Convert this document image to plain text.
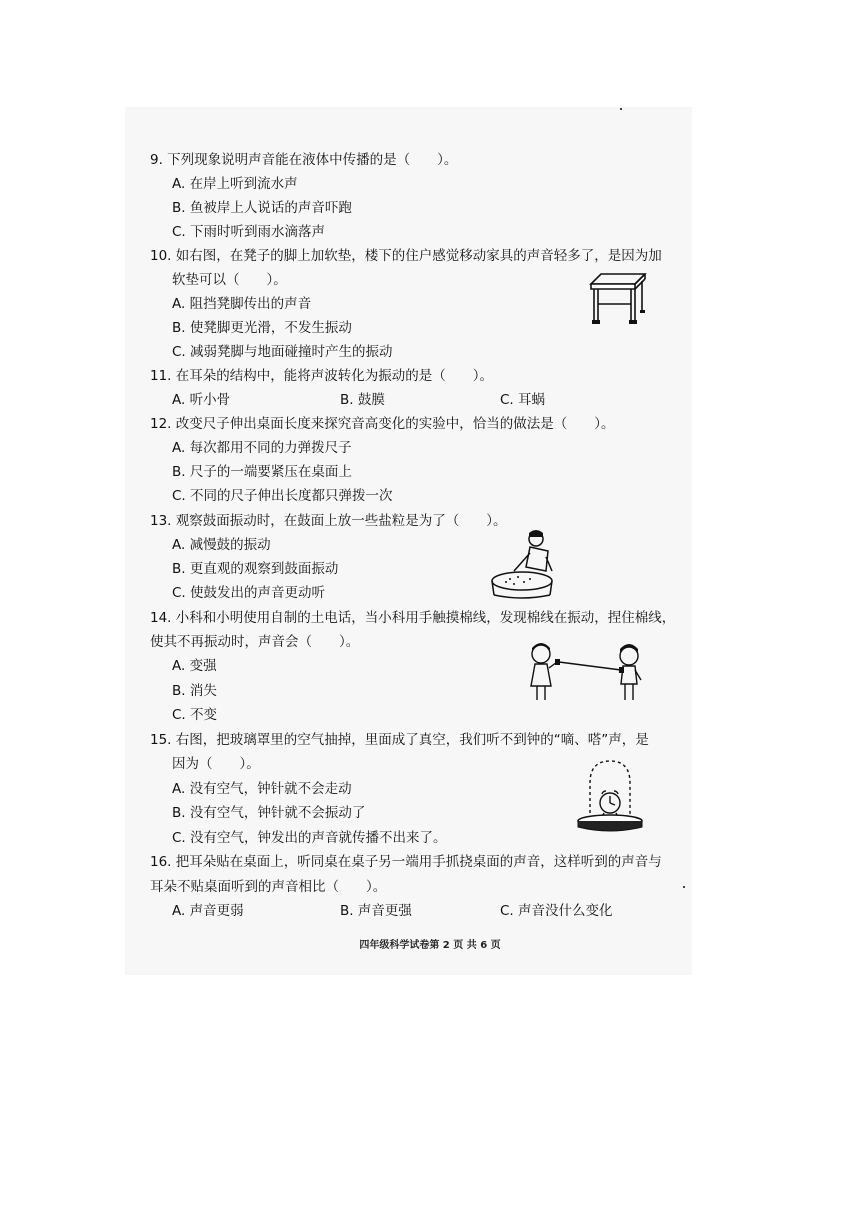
9. 下列现象说明声音能在液体中传播的是（　　）。
A. 在岸上听到流水声
B. 鱼被岸上人说话的声音吓跑
C. 下雨时听到雨水滴落声
10. 如右图，在凳子的脚上加软垫，楼下的住户感觉移动家具的声音轻多了，是因为加
软垫可以（　　）。
A. 阻挡凳脚传出的声音
B. 使凳脚更光滑，不发生振动
C. 减弱凳脚与地面碰撞时产生的振动
11. 在耳朵的结构中，能将声波转化为振动的是（　　）。
A. 听小骨	B. 鼓膜	C. 耳蜗
12. 改变尺子伸出桌面长度来探究音高变化的实验中，恰当的做法是（　　）。
A. 每次都用不同的力弹拨尺子
B. 尺子的一端要紧压在桌面上
C. 不同的尺子伸出长度都只弹拨一次
13. 观察鼓面振动时，在鼓面上放一些盐粒是为了（　　）。
A. 减慢鼓的振动
B. 更直观的观察到鼓面振动
C. 使鼓发出的声音更动听
14. 小科和小明使用自制的土电话，当小科用手触摸棉线，发现棉线在振动，捏住棉线，
使其不再振动时，声音会（　　）。
A. 变强
B. 消失
C. 不变
15. 右图，把玻璃罩里的空气抽掉，里面成了真空，我们听不到钟的“嘀、嗒”声，是
因为（　　）。
A. 没有空气，钟针就不会走动
B. 没有空气，钟针就不会振动了
C. 没有空气，钟发出的声音就传播不出来了。
16. 把耳朵贴在桌面上，听同桌在桌子另一端用手抓挠桌面的声音，这样听到的声音与
耳朵不贴桌面听到的声音相比（　　）。
A. 声音更弱	B. 声音更强	C. 声音没什么变化
四年级科学试卷第 2 页 共 6 页
